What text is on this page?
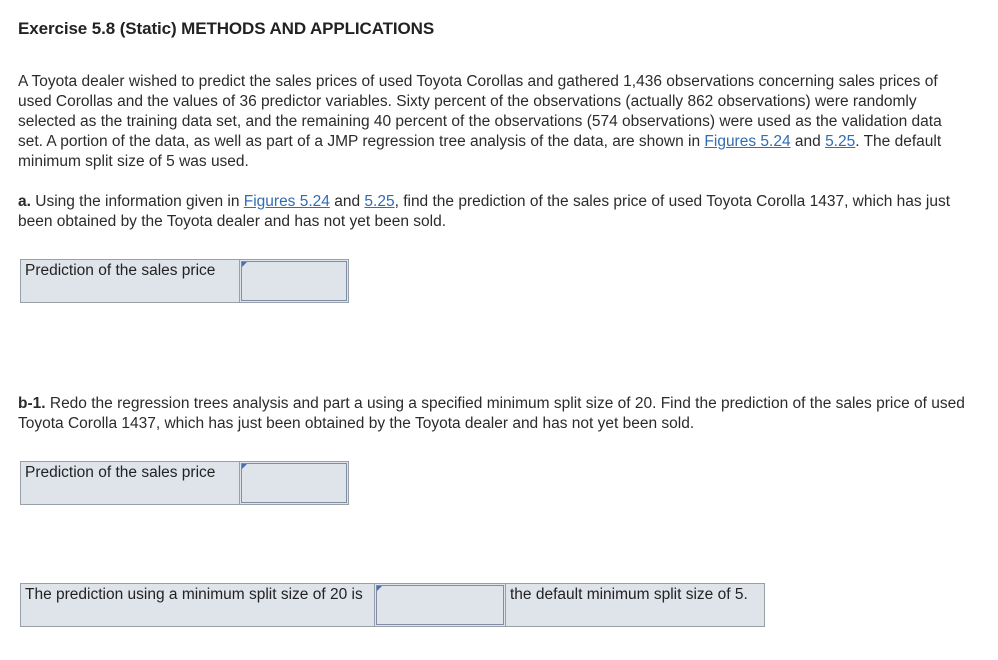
Exercise 5.8 (Static) METHODS AND APPLICATIONS
A Toyota dealer wished to predict the sales prices of used Toyota Corollas and gathered 1,436 observations concerning sales prices of used Corollas and the values of 36 predictor variables. Sixty percent of the observations (actually 862 observations) were randomly selected as the training data set, and the remaining 40 percent of the observations (574 observations) were used as the validation data set. A portion of the data, as well as part of a JMP regression tree analysis of the data, are shown in Figures 5.24 and 5.25. The default minimum split size of 5 was used.
a. Using the information given in Figures 5.24 and 5.25, find the prediction of the sales price of used Toyota Corolla 1437, which has just been obtained by the Toyota dealer and has not yet been sold.
Prediction of the sales price	
b-1. Redo the regression trees analysis and part a using a specified minimum split size of 20. Find the prediction of the sales price of used Toyota Corolla 1437, which has just been obtained by the Toyota dealer and has not yet been sold.
Prediction of the sales price	
The prediction using a minimum split size of 20 is		the default minimum split size of 5.
